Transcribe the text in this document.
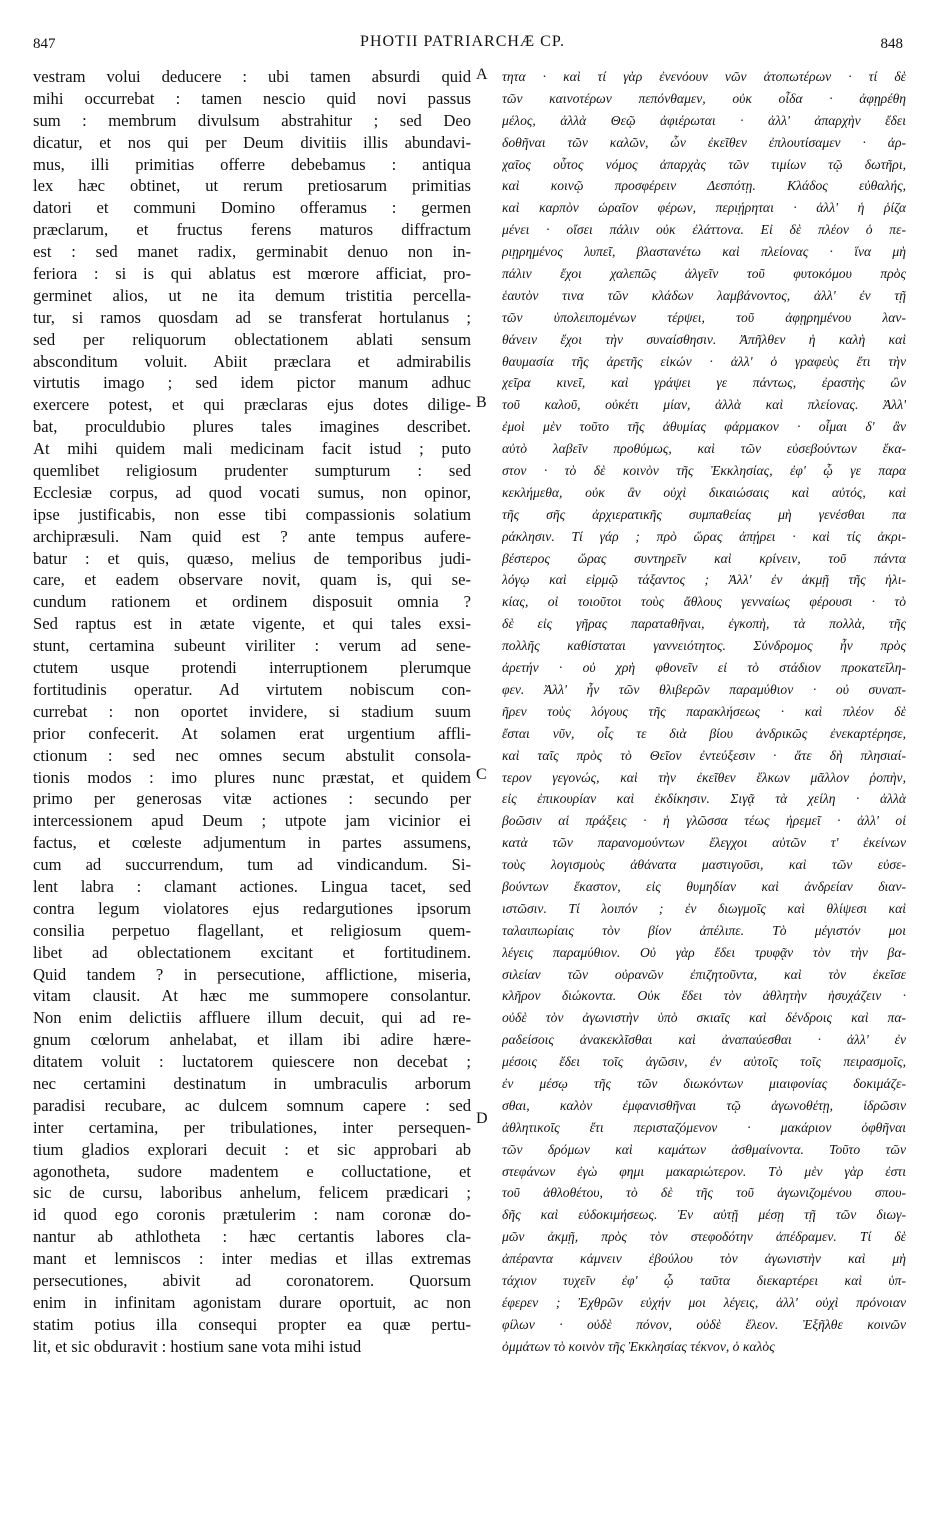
847	PHOTII PATRIARCHÆ CP.	848
vestram volui deducere : ubi tamen absurdi quid
mihi occurrebat : tamen nescio quid novi passus
sum : membrum divulsum abstrahitur ; sed Deo
dicatur, et nos qui per Deum divitiis illis abundavi-
mus, illi primitias offerre debebamus : antiqua
lex hæc obtinet, ut rerum pretiosarum primitias
datori et communi Domino offeramus : germen
præclarum, et fructus ferens maturos diffractum
est : sed manet radix, germinabit denuo non in-
feriora : si is qui ablatus est mœrore afficiat, pro-
germinet alios, ut ne ita demum tristitia percella-
tur, si ramos quosdam ad se transferat hortulanus ;
sed per reliquorum oblectationem ablati sensum
absconditum voluit. Abiit præclara et admirabilis
virtutis imago ; sed idem pictor manum adhuc
exercere potest, et qui præclaras ejus dotes dilige-
bat, proculdubio plures tales imagines describet.
At mihi quidem mali medicinam facit istud ; puto
quemlibet religiosum prudenter sumpturum : sed
Ecclesiæ corpus, ad quod vocati sumus, non opinor,
ipse justificabis, non esse tibi compassionis solatium
archipræsuli. Nam quid est ? ante tempus aufere-
batur : et quis, quæso, melius de temporibus judi-
care, et eadem observare novit, quam is, qui se-
cundum rationem et ordinem disposuit omnia ?
Sed raptus est in ætate vigente, et qui tales exsi-
stunt, certamina subeunt viriliter : verum ad sene-
ctutem usque protendi interruptionem plerumque
fortitudinis operatur. Ad virtutem nobiscum con-
currebat : non oportet invidere, si stadium suum
prior confecerit. At solamen erat urgentium affli-
ctionum : sed nec omnes secum abstulit consola-
tionis modos : imo plures nunc præstat, et quidem
primo per generosas vitæ actiones : secundo per
intercessionem apud Deum ; utpote jam vicinior ei
factus, et cœleste adjumentum in partes assumens,
cum ad succurrendum, tum ad vindicandum. Si-
lent labra : clamant actiones. Lingua tacet, sed
contra legum violatores ejus redargutiones ipsorum
consilia perpetuo flagellant, et religiosum quem-
libet ad oblectationem excitant et fortitudinem.
Quid tandem ? in persecutione, afflictione, miseria,
vitam clausit. At hæc me summopere consolantur.
Non enim delictiis affluere illum decuit, qui ad re-
gnum cœlorum anhelabat, et illam ibi adire hære-
ditatem voluit : luctatorem quiescere non decebat ;
nec certamini destinatum in umbraculis arborum
paradisi recubare, ac dulcem somnum capere : sed
inter certamina, per tribulationes, inter persequen-
tium gladios explorari decuit : et sic approbari ab
agonotheta, sudore madentem e colluctatione, et
sic de cursu, laboribus anhelum, felicem prædicari ;
id quod ego coronis prætulerim : nam coronæ do-
nantur ab athlotheta : hæc certantis labores cla-
mant et lemniscos : inter medias et illas extremas
persecutiones, abivit ad coronatorem. Quorsum
enim in infinitam agonistam durare oportuit, ac non
statim potius illa consequi propter ea quæ pertu-
lit, et sic obduravit : hostium sane vota mihi istud
τητα · καὶ τί γὰρ ἐνενόουν νῶν ἀτοπωτέρων · τί δὲ
τῶν καινοτέρων πεπόνθαμεν, οὐκ οἶδα · ἀφῃρέθη
μέλος, ἀλλὰ Θεῷ ἀφιέρωται · ἀλλ' ἀπαρχὴν ἔδει
δοθῆναι τῶν καλῶν, ὧν ἐκεῖθεν ἐπλουτίσαμεν · ἀρ-
χαῖος οὗτος νόμος ἀπαρχὰς τῶν τιμίων τῷ δωτῆρι,
καὶ κοινῷ προσφέρειν Δεσπότῃ. Κλάδος εὐθαλής,
καὶ καρπὸν ὡραῖον φέρων, περιῄρηται · ἀλλ' ἡ ῥίζα
μένει · οἴσει πάλιν οὐκ ἐλάττονα. Εἰ δὲ πλέον ὁ πε-
ριῃρημένος λυπεῖ, βλαστανέτω καὶ πλείονας · ἵνα μὴ
πάλιν ἔχοι χαλεπῶς ἀλγεῖν τοῦ φυτοκόμου πρὸς
ἑαυτὸν τινα τῶν κλάδων λαμβάνοντος, ἀλλ' ἐν τῇ
τῶν ὑπολειπομένων τέρψει, τοῦ ἀφῃρημένου λαν-
θάνειν ἔχοι τὴν συναίσθησιν. Ἀπῆλθεν ἡ καλὴ καὶ
θαυμασία τῆς ἀρετῆς εἰκών · ἀλλ' ὁ γραφεὺς ἔτι τὴν
χεῖρα κινεῖ, καὶ γράψει γε πάντως, ἐραστὴς ὢν
τοῦ καλοῦ, οὐκέτι μίαν, ἀλλὰ καὶ πλείονας. Ἀλλ'
ἐμοὶ μὲν τοῦτο τῆς ἀθυμίας φάρμακον · οἶμαι δ' ἂν
αὐτὸ λαβεῖν προθύμως, καὶ τῶν εὐσεβούντων ἕκα-
στον · τὸ δὲ κοινὸν τῆς Ἐκκλησίας, ἐφ' ᾧ γε παρα
κεκλήμεθα, οὐκ ἂν οὐχὶ δικαιώσαις καὶ αὐτός, καὶ
τῆς σῆς ἀρχιερατικῆς συμπαθείας μὴ γενέσθαι πα
ράκλησιν. Τί γάρ ; πρὸ ὥρας ἀπῄρει · καὶ τίς ἀκρι-
βέστερος ὥρας συντηρεῖν καὶ κρίνειν, τοῦ πάντα
λόγῳ καὶ εἱρμῷ τάξαντος ; Ἀλλ' ἐν ἀκμῇ τῆς ἡλι-
κίας, οἱ τοιοῦτοι τοὺς ἄθλους γενναίως φέρουσι · τὸ
δὲ εἰς γῆρας παραταθῆναι, ἐγκοπὴ, τὰ πολλὰ, τῆς
πολλῆς καθίσταται γαννειότητος. Σύνδρομος ἦν πρὸς
ἀρετήν · οὐ χρὴ φθονεῖν εἰ τὸ στάδιον προκατεῖλη-
φεν. Ἀλλ' ἦν τῶν θλιβερῶν παραμύθιον · οὐ συναπ-
ῆρεν τοὺς λόγους τῆς παρακλήσεως · καὶ πλέον δὲ
ἔσται νῦν, οἷς τε διὰ βίου ἀνδρικῶς ἐνεκαρτέρησε,
καὶ ταῖς πρὸς τὸ Θεῖον ἐντεύξεσιν · ἅτε δὴ πλησιαί-
τερον γεγονώς, καὶ τὴν ἐκεῖθεν ἕλκων μᾶλλον ῥοπὴν,
εἰς ἐπικουρίαν καὶ ἐκδίκησιν. Σιγᾷ τὰ χείλη · ἀλλὰ
βοῶσιν αἱ πράξεις · ἡ γλῶσσα τέως ἠρεμεῖ · ἀλλ' οἱ
κατὰ τῶν παρανομούντων ἔλεγχοι αὐτῶν τ' ἐκείνων
τοὺς λογισμοὺς ἀθάνατα μαστιγοῦσι, καὶ τῶν εὐσε-
βούντων ἕκαστον, εἰς θυμηδίαν καὶ ἀνδρείαν διαν-
ιστῶσιν. Τί λοιπόν ; ἐν διωγμοῖς καὶ θλίψεσι καὶ
ταλαιπωρίαις τὸν βίον ἀπέλιπε. Τὸ μέγιστόν μοι
λέγεις παραμύθιον. Οὐ γὰρ ἔδει τρυφᾷν τὸν τὴν βα-
σιλείαν τῶν οὐρανῶν ἐπιζητοῦντα, καὶ τὸν ἐκεῖσε
κλῆρον διώκοντα. Οὐκ ἔδει τὸν ἀθλητὴν ἡσυχάζειν ·
οὐδὲ τὸν ἀγωνιστὴν ὑπὸ σκιαῖς καὶ δένδροις καὶ πα-
ραδείσοις ἀνακεκλῖσθαι καὶ ἀναπαύεσθαι · ἀλλ' ἐν
μέσοις ἔδει τοῖς ἀγῶσιν, ἐν αὐτοῖς τοῖς πειρασμοῖς,
ἐν μέσῳ τῆς τῶν διωκόντων μιαιφονίας δοκιμάζε-
σθαι, καλὸν ἐμφανισθῆναι τῷ ἀγωνοθέτῃ, ἱδρῶσιν
ἀθλητικοῖς ἔτι περισταζόμενον · μακάριον ὀφθῆναι
τῶν δρόμων καὶ καμάτων ἀσθμαίνοντα. Τοῦτο τῶν
στεφάνων ἐγὼ φημι μακαριώτερον. Τὸ μὲν γὰρ ἐστι
τοῦ ἀθλοθέτου, τὸ δὲ τῆς τοῦ ἀγωνιζομένου σπου-
δῆς καὶ εὐδοκιμήσεως. Ἐν αὐτῇ μέσῃ τῇ τῶν διωγ-
μῶν ἀκμῇ, πρὸς τὸν στεφοδότην ἀπέδραμεν. Τί δὲ
ἀπέραντα κάμνειν ἐβούλου τὸν ἀγωνιστὴν καὶ μὴ
τάχιον τυχεῖν ἐφ' ᾧ ταῦτα διεκαρτέρει καὶ ὑπ-
έφερεν ; Ἐχθρῶν εὐχήν μοι λέγεις, ἀλλ' οὐχὶ πρόνοιαν
φίλων · οὐδὲ πόνον, οὐδὲ ἔλεον. Ἐξῆλθε κοινῶν
ὀμμάτων τὸ κοινὸν τῆς Ἐκκλησίας τέκνον, ὁ καλὸς
A
B
C
D
